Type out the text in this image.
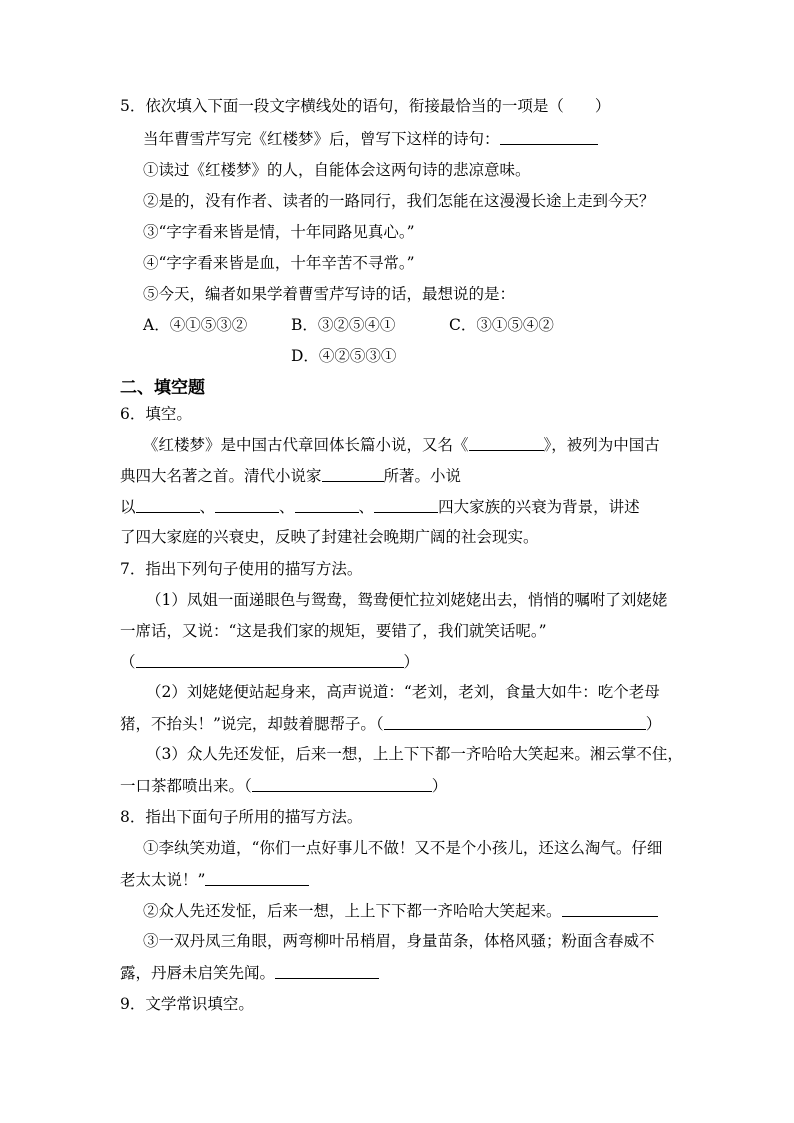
5．依次填入下面一段文字横线处的语句，衔接最恰当的一项是（　　）
当年曹雪芹写完《红楼梦》后，曾写下这样的诗句：
①读过《红楼梦》的人，自能体会这两句诗的悲凉意味。
②是的，没有作者、读者的一路同行，我们怎能在这漫漫长途上走到今天？
③“字字看来皆是情，十年同路见真心。”
④“字字看来皆是血，十年辛苦不寻常。”
⑤今天，编者如果学着曹雪芹写诗的话，最想说的是：
A．④①⑤③②	B．③②⑤④①	C．③①⑤④②
D．④②⑤③①
二、填空题
6．填空。
《红楼梦》是中国古代章回体长篇小说，又名《	》，被列为中国古
典四大名著之首。清代小说家	所著。小说
以	、	、	、	四大家族的兴衰为背景，讲述
了四大家庭的兴衰史，反映了封建社会晚期广阔的社会现实。
7．指出下列句子使用的描写方法。
（1）凤姐一面递眼色与鸳鸯，鸳鸯便忙拉刘姥姥出去，悄悄的嘱咐了刘姥姥
一席话，又说：“这是我们家的规矩，要错了，我们就笑话呢。”
（	）
（2）刘姥姥便站起身来，高声说道：“老刘，老刘，食量大如牛：吃个老母
猪，不抬头！”说完，却鼓着腮帮子。（	）
（3）众人先还发怔，后来一想，上上下下都一齐哈哈大笑起来。湘云掌不住，
一口茶都喷出来。（	）
8．指出下面句子所用的描写方法。
①李纨笑劝道，“你们一点好事儿不做！又不是个小孩儿，还这么淘气。仔细
老太太说！”
②众人先还发怔，后来一想，上上下下都一齐哈哈大笑起来。
③一双丹凤三角眼，两弯柳叶吊梢眉，身量苗条，体格风骚；粉面含春威不
露，丹唇未启笑先闻。
9．文学常识填空。
